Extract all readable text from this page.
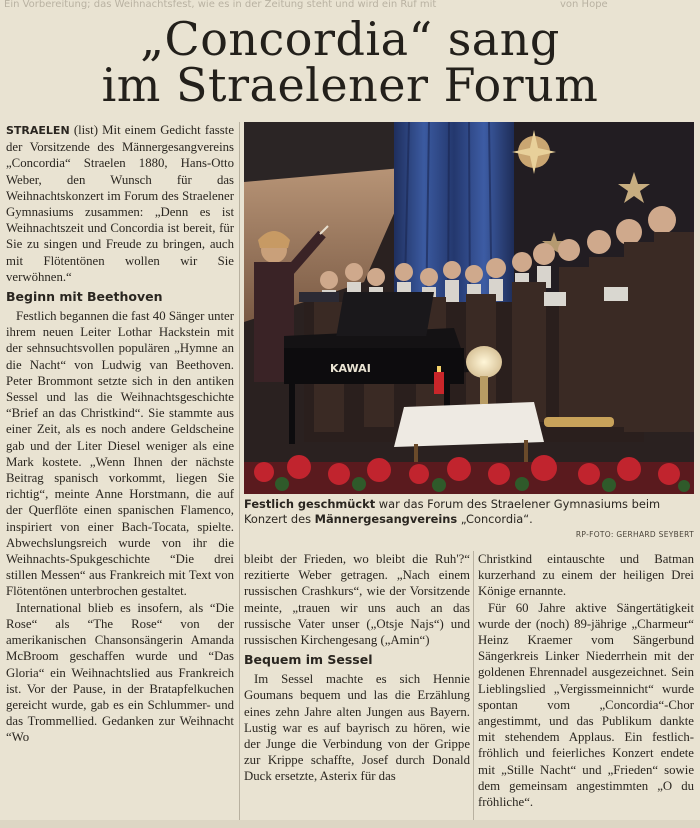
Ein Vorbereitung; das Weihnachtsfest, wie es in der Zeitung steht und wird ein Ruf mit	von Hope
„Concordia“ sang
im Straelener Forum

STRAELEN (list) Mit einem Gedicht fasste der Vorsitzende des Männergesangvereins „Concordia“ Straelen 1880, Hans-Otto Weber, den Wunsch für das Weihnachtskonzert im Forum des Straelener Gymnasiums zusammen: „Denn es ist Weihnachtszeit und Concordia ist bereit, für Sie zu singen und Freude zu bringen, auch mit Flötentönen wollen wir Sie verwöhnen.“

Beginn mit Beethoven

Festlich begannen die fast 40 Sänger unter ihrem neuen Leiter Lothar Hackstein mit der sehnsuchtsvollen populären „Hymne an die Nacht“ von Ludwig van Beethoven. Peter Brommont setzte sich in den antiken Sessel und las die Weihnachtsgeschichte “Brief an das Christkind“. Sie stammte aus einer Zeit, als es noch andere Geldscheine gab und der Liter Diesel weniger als eine Mark kostete. „Wenn Ihnen der nächste Beitrag spanisch vorkommt, liegen Sie richtig“, meinte Anne Horstmann, die auf der Querflöte einen spanischen Flamenco, inspiriert von einer Bach-Tocata, spielte. Abwechslungsreich wurde von ihr die Weihnachts-Spukgeschichte “Die drei stillen Messen“ aus Frankreich mit Text von Flötentönen unterbrochen gestaltet.

International blieb es insofern, als “Die Rose“ als “The Rose“ von der amerikanischen Chansonsängerin Amanda McBroom geschaffen wurde und “Das Gloria“ ein Weihnachtslied aus Frankreich ist. Vor der Pause, in der Bratapfelkuchen gereicht wurde, gab es ein Schlummer- und das Trommellied. Gedanken zur Weihnacht “Wo

KAWAI
Festlich geschmückt war das Forum des Straelener Gymnasiums beim Konzert des Männergesangvereins „Concordia“.
RP-FOTO: GERHARD SEYBERT

bleibt der Frieden, wo bleibt die Ruh'?“ rezitierte Weber getragen. „Nach einem russischen Crashkurs“, wie der Vorsitzende meinte, „trauen wir uns auch an das russische Vater unser („Otsje Najs“) und russischen Kirchengesang („Amin“)

Bequem im Sessel

Im Sessel machte es sich Hennie Goumans bequem und las die Erzählung eines zehn Jahre alten Jungen aus Bayern. Lustig war es auf bayrisch zu hören, wie der Junge die Verbindung von der Grippe zur Krippe schaffte, Josef durch Donald Duck ersetzte, Asterix für das

Christkind eintauschte und Batman kurzerhand zu einem der heiligen Drei Könige ernannte.

Für 60 Jahre aktive Sängertätigkeit wurde der (noch) 89-jährige „Charmeur“ Heinz Kraemer vom Sängerbund Sängerkreis Linker Niederrhein mit der goldenen Ehrennadel ausgezeichnet. Sein Lieblingslied „Vergissmeinnicht“ wurde spontan vom „Concordia“-Chor angestimmt, und das Publikum dankte mit stehendem Applaus. Ein festlich-fröhlich und feierliches Konzert endete mit „Stille Nacht“ und „Frieden“ sowie dem gemeinsam angestimmten „O du fröhliche“.
